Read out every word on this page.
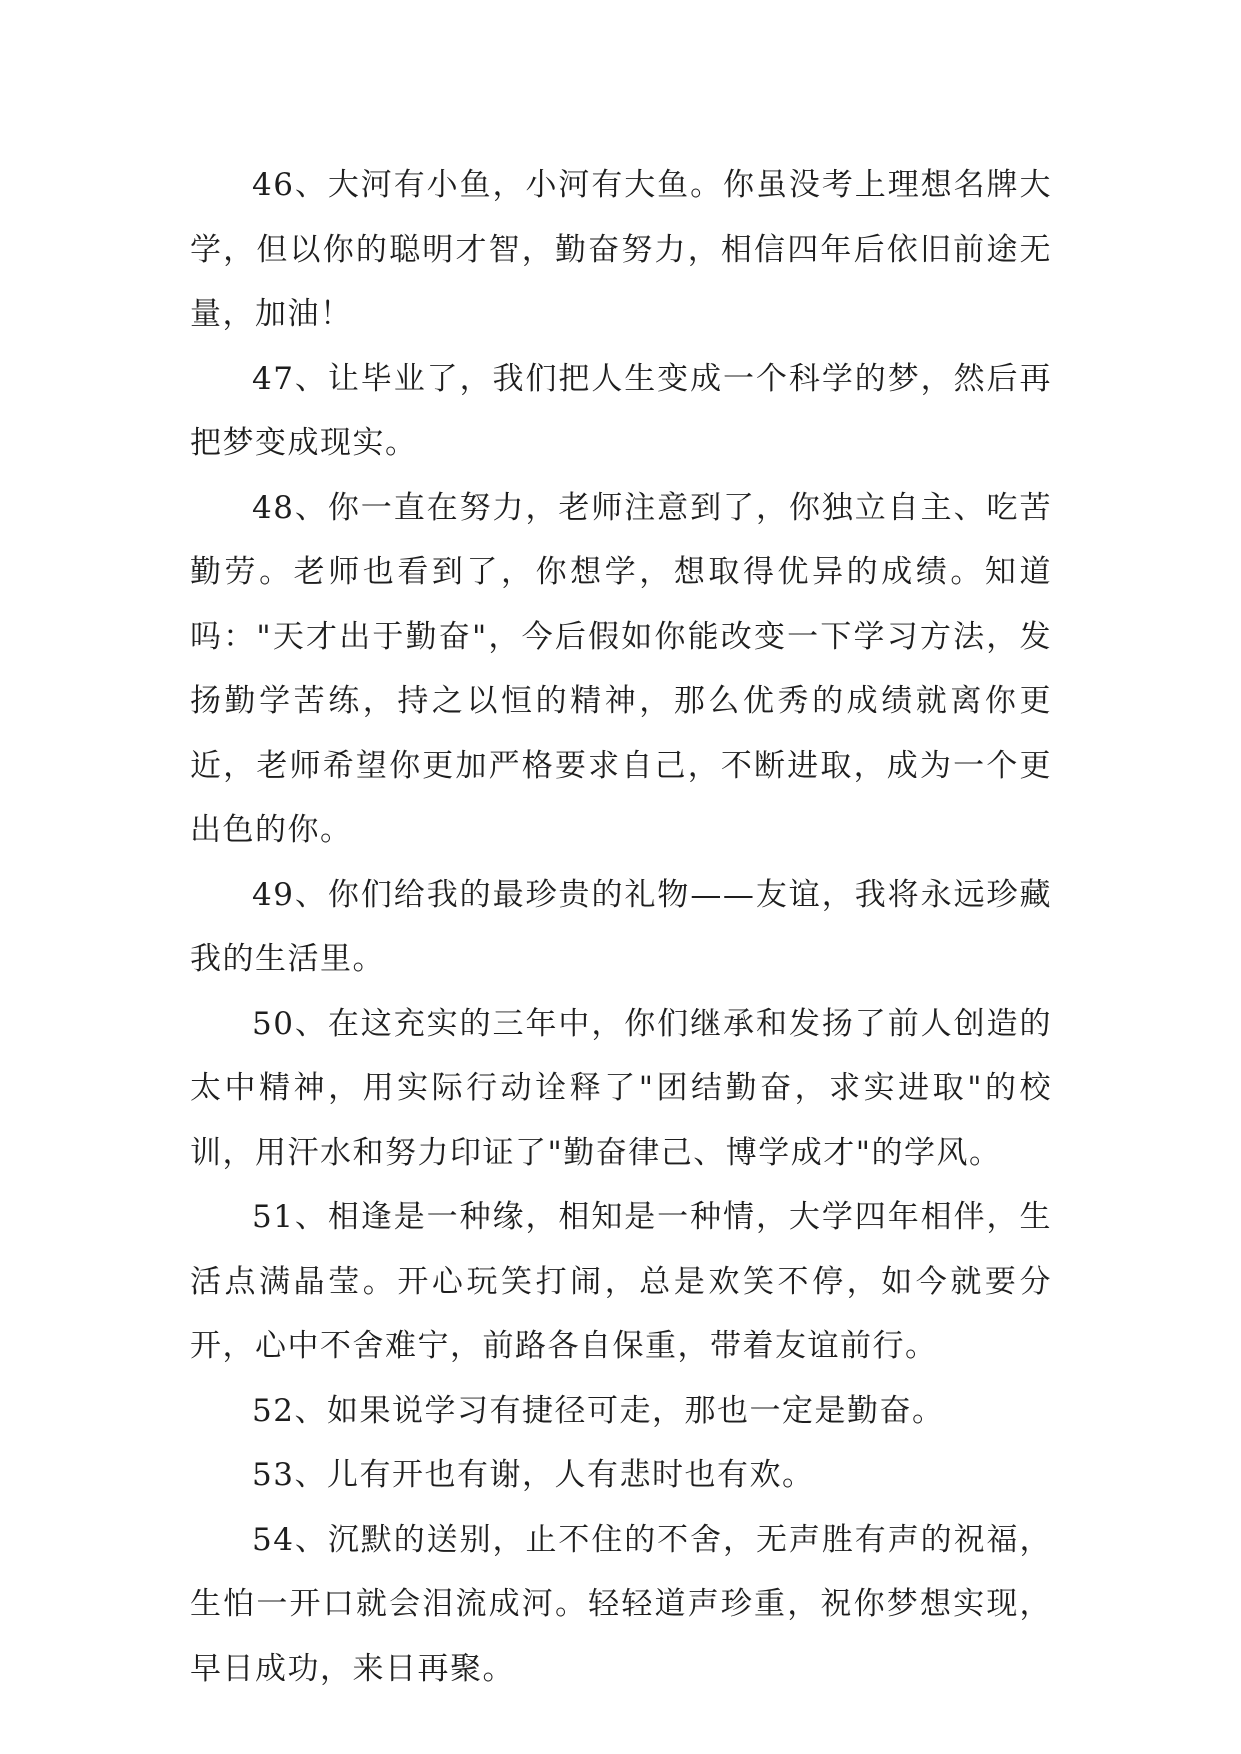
46、大河有小鱼，小河有大鱼。你虽没考上理想名牌大学，但以你的聪明才智，勤奋努力，相信四年后依旧前途无量，加油！

47、让毕业了，我们把人生变成一个科学的梦，然后再把梦变成现实。

48、你一直在努力，老师注意到了，你独立自主、吃苦勤劳。老师也看到了，你想学，想取得优异的成绩。知道吗："天才出于勤奋"，今后假如你能改变一下学习方法，发扬勤学苦练，持之以恒的精神，那么优秀的成绩就离你更近，老师希望你更加严格要求自己，不断进取，成为一个更出色的你。

49、你们给我的最珍贵的礼物——友谊，我将永远珍藏我的生活里。

50、在这充实的三年中，你们继承和发扬了前人创造的太中精神，用实际行动诠释了"团结勤奋，求实进取"的校训，用汗水和努力印证了"勤奋律己、博学成才"的学风。

51、相逢是一种缘，相知是一种情，大学四年相伴，生活点满晶莹。开心玩笑打闹，总是欢笑不停，如今就要分开，心中不舍难宁，前路各自保重，带着友谊前行。

52、如果说学习有捷径可走，那也一定是勤奋。

53、儿有开也有谢，人有悲时也有欢。

54、沉默的送别，止不住的不舍，无声胜有声的祝福，生怕一开口就会泪流成河。轻轻道声珍重，祝你梦想实现，早日成功，来日再聚。
